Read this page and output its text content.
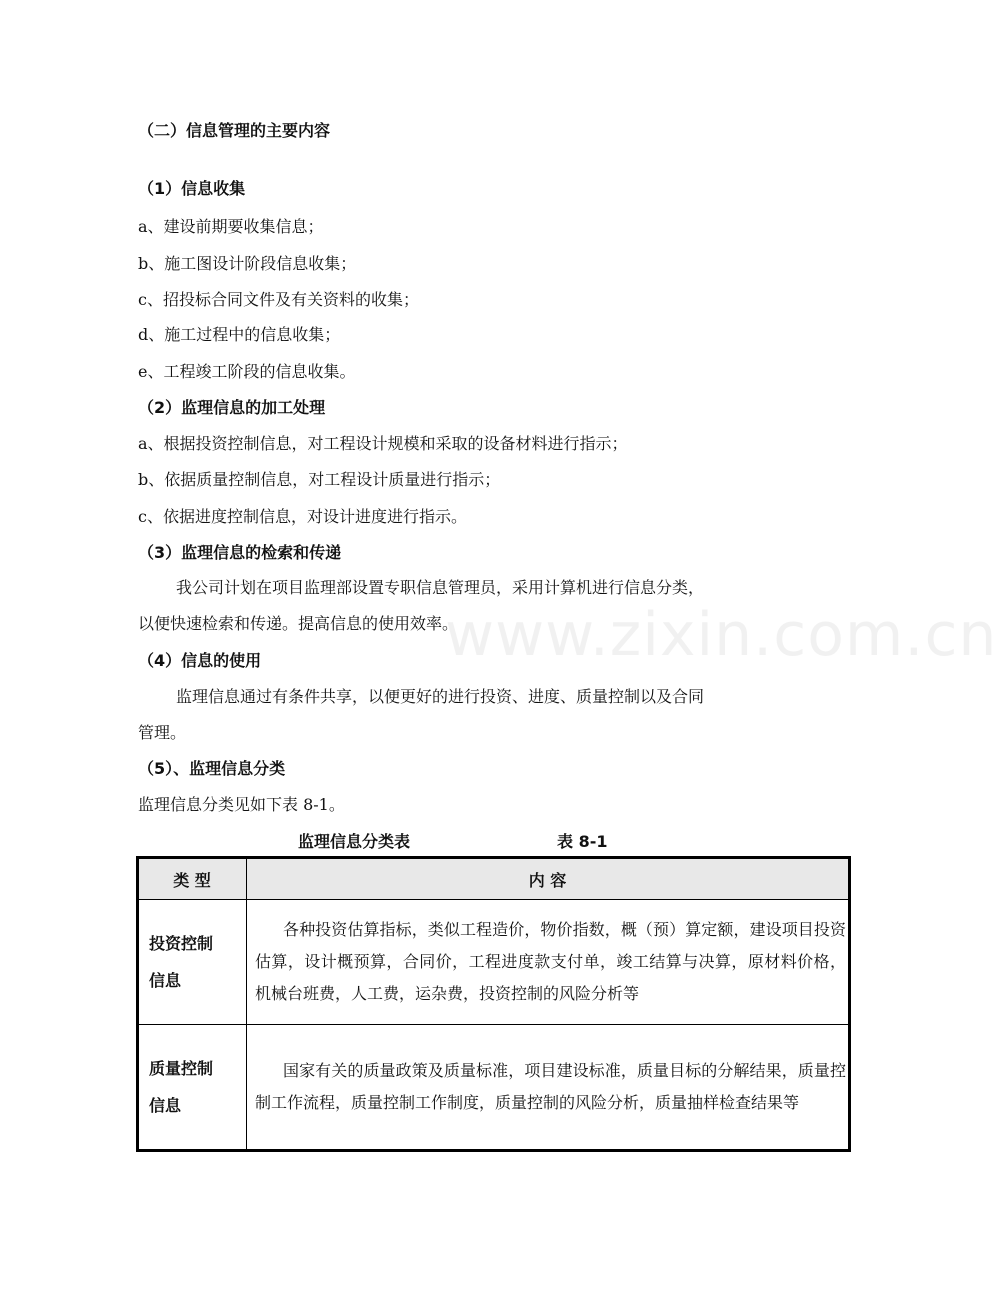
www.zixin.com.cn
（二）信息管理的主要内容
（1）信息收集
a、建设前期要收集信息；
b、施工图设计阶段信息收集；
c、招投标合同文件及有关资料的收集；
d、施工过程中的信息收集；
e、工程竣工阶段的信息收集。
（2）监理信息的加工处理
a、根据投资控制信息，对工程设计规模和采取的设备材料进行指示；
b、依据质量控制信息，对工程设计质量进行指示；
c、依据进度控制信息，对设计进度进行指示。
（3）监理信息的检索和传递
我公司计划在项目监理部设置专职信息管理员，采用计算机进行信息分类，
以便快速检索和传递。提高信息的使用效率。
（4）信息的使用
监理信息通过有条件共享，以便更好的进行投资、进度、质量控制以及合同
管理。
（5）、监理信息分类
监理信息分类见如下表 8-1。
监理信息分类表	表 8-1
类 型	内 容

投资控制
信息	各种投资估算指标，类似工程造价，物价指数，概（预）算定额，建设项目投资估算，设计概预算，合同价，工程进度款支付单，竣工结算与决算，原材料价格，机械台班费，人工费，运杂费，投资控制的风险分析等

质量控制
信息	国家有关的质量政策及质量标准，项目建设标准，质量目标的分解结果，质量控制工作流程，质量控制工作制度，质量控制的风险分析，质量抽样检查结果等
